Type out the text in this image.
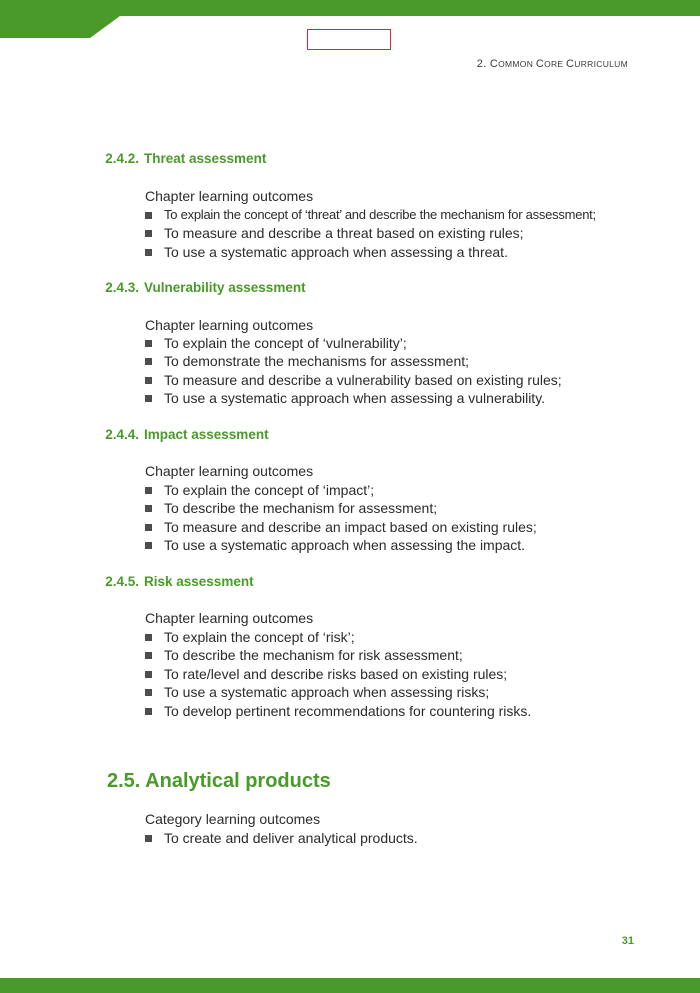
2. COMMON CORE CURRICULUM
2.4.2. Threat assessment
Chapter learning outcomes
To explain the concept of ‘threat’ and describe the mechanism for assessment;
To measure and describe a threat based on existing rules;
To use a systematic approach when assessing a threat.
2.4.3. Vulnerability assessment
Chapter learning outcomes
To explain the concept of ‘vulnerability’;
To demonstrate the mechanisms for assessment;
To measure and describe a vulnerability based on existing rules;
To use a systematic approach when assessing a vulnerability.
2.4.4. Impact assessment
Chapter learning outcomes
To explain the concept of ‘impact’;
To describe the mechanism for assessment;
To measure and describe an impact based on existing rules;
To use a systematic approach when assessing the impact.
2.4.5. Risk assessment
Chapter learning outcomes
To explain the concept of ‘risk’;
To describe the mechanism for risk assessment;
To rate/level and describe risks based on existing rules;
To use a systematic approach when assessing risks;
To develop pertinent recommendations for countering risks.
2.5. Analytical products
Category learning outcomes
To create and deliver analytical products.
31
